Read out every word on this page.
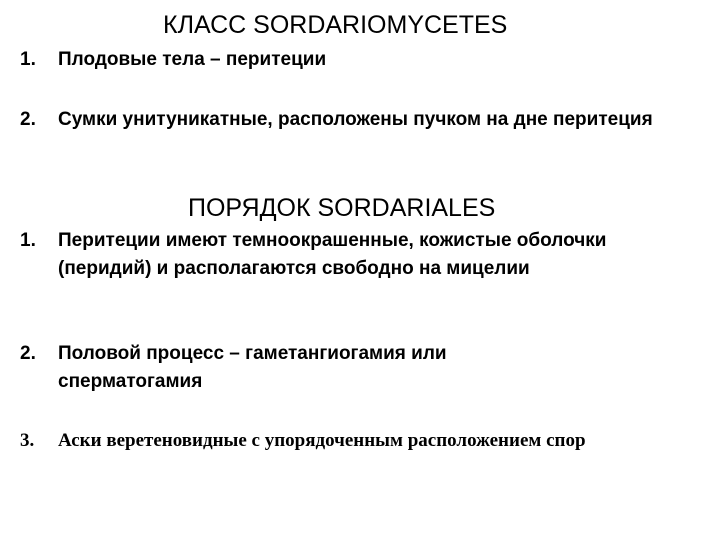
КЛАСС SORDARIOMYCETES
1. Плодовые тела – перитеции
2. Сумки унитуникатные, расположены пучком на дне перитеция
ПОРЯДОК SORDARIALES
1. Перитеции имеют темноокрашенные, кожистые оболочки (перидий) и располагаются свободно на мицелии
2. Половой процесс – гаметангиогамия или сперматогамия
3. Аски веретеновидные с упорядоченным расположением спор
